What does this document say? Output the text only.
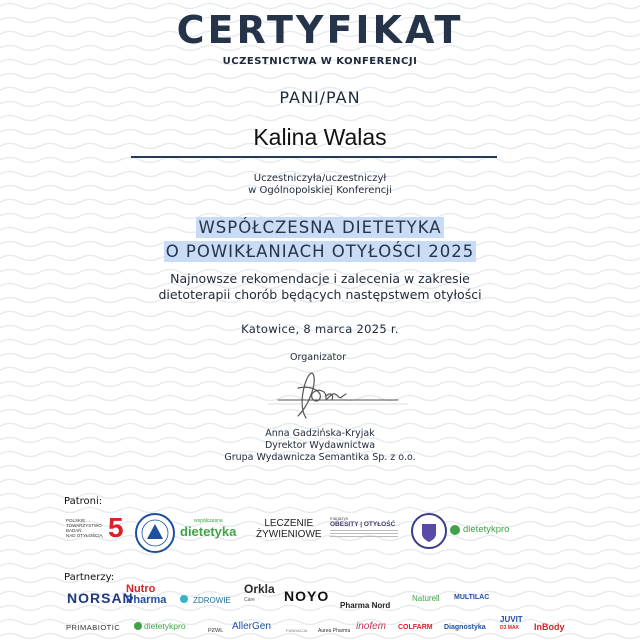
CERTYFIKAT
UCZESTNICTWA W KONFERENCJI
PANI/PAN
Kalina Walas
Uczestniczyła/uczestniczył
w Ogólnopolskiej Konferencji
WSPÓŁCZESNA DIETETYKA
O POWIKŁANIACH OTYŁOŚCI 2025
Najnowsze rekomendacje i zalecenia w zakresie
dietoterapii chorób będących następstwem otyłości
Katowice, 8 marca 2025 r.
Organizator
Anna Gadzińska-Kryjak
Dyrektor Wydawnictwa
Grupa Wydawnicza Semantika Sp. z o.o.
Patroni:
POLSKIE
TOWARZYSTWO
BADAŃ
NAD OTYŁOŚCIĄ 5	współczesna
dietetyka
LECZENIE
ŻYWIENIOWE
magazyn
OBESITY | OTYŁOŚĆ	dietetykpro
Partnerzy:
NORSAN
Nutro
Pharma	ZDROWIE
Orkla
Care	NOYO
Pharma Nord
Naturell MULTILAC
PRIMABIOTIC	dietetykpro	PZWL AllerGen	FUNDACJA Aurea Pharma inofem COLFARM Diagnostyka
JUVIT
D3 MAX	InBody
